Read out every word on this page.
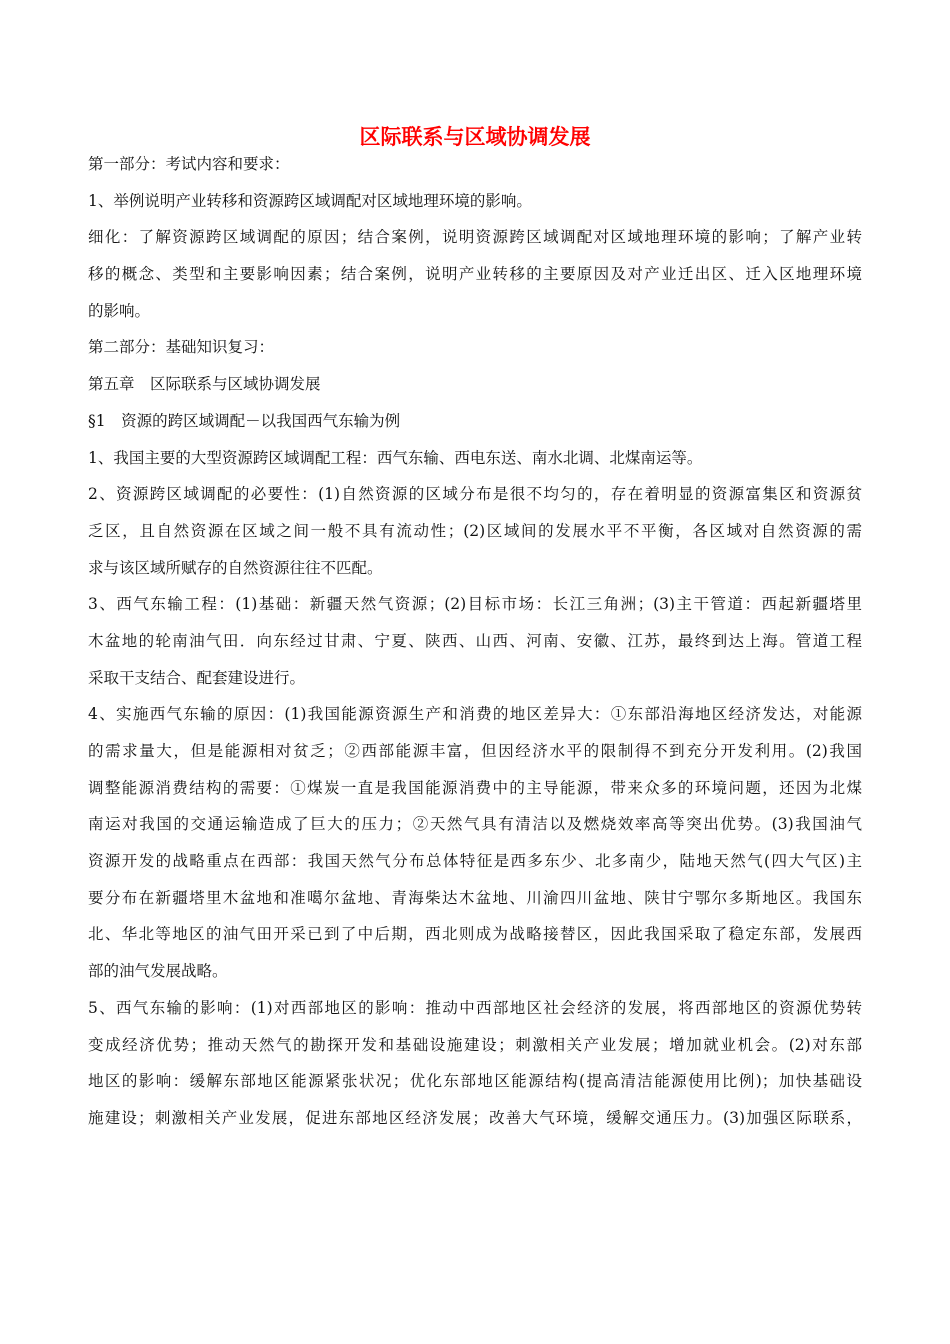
区际联系与区域协调发展
第一部分：考试内容和要求：
1、举例说明产业转移和资源跨区域调配对区域地理环境的影响。
细化：了解资源跨区域调配的原因；结合案例，说明资源跨区域调配对区域地理环境的影响；了解产业转
移的概念、类型和主要影响因素；结合案例，说明产业转移的主要原因及对产业迁出区、迁入区地理环境
的影响。
第二部分：基础知识复习：
第五章　区际联系与区域协调发展
§1　资源的跨区域调配－以我国西气东输为例
1、我国主要的大型资源跨区域调配工程：西气东输、西电东送、南水北调、北煤南运等。
2、资源跨区域调配的必要性：(1)自然资源的区域分布是很不均匀的，存在着明显的资源富集区和资源贫
乏区，且自然资源在区域之间一般不具有流动性；(2)区域间的发展水平不平衡，各区域对自然资源的需
求与该区域所赋存的自然资源往往不匹配。
3、西气东输工程：(1)基础：新疆天然气资源；(2)目标市场：长江三角洲；(3)主干管道：西起新疆塔里
木盆地的轮南油气田．向东经过甘肃、宁夏、陕西、山西、河南、安徽、江苏，最终到达上海。管道工程
采取干支结合、配套建设进行。
4、实施西气东输的原因：(1)我国能源资源生产和消费的地区差异大：①东部沿海地区经济发达，对能源
的需求量大，但是能源相对贫乏；②西部能源丰富，但因经济水平的限制得不到充分开发利用。(2)我国
调整能源消费结构的需要：①煤炭一直是我国能源消费中的主导能源，带来众多的环境问题，还因为北煤
南运对我国的交通运输造成了巨大的压力；②天然气具有清洁以及燃烧效率高等突出优势。(3)我国油气
资源开发的战略重点在西部：我国天然气分布总体特征是西多东少、北多南少，陆地天然气(四大气区)主
要分布在新疆塔里木盆地和准噶尔盆地、青海柴达木盆地、川渝四川盆地、陕甘宁鄂尔多斯地区。我国东
北、华北等地区的油气田开采已到了中后期，西北则成为战略接替区，因此我国采取了稳定东部，发展西
部的油气发展战略。
5、西气东输的影响：(1)对西部地区的影响：推动中西部地区社会经济的发展，将西部地区的资源优势转
变成经济优势；推动天然气的勘探开发和基础设施建设；刺激相关产业发展；增加就业机会。(2)对东部
地区的影响：缓解东部地区能源紧张状况；优化东部地区能源结构(提高清洁能源使用比例)；加快基础设
施建设；刺激相关产业发展，促进东部地区经济发展；改善大气环境，缓解交通压力。(3)加强区际联系，
